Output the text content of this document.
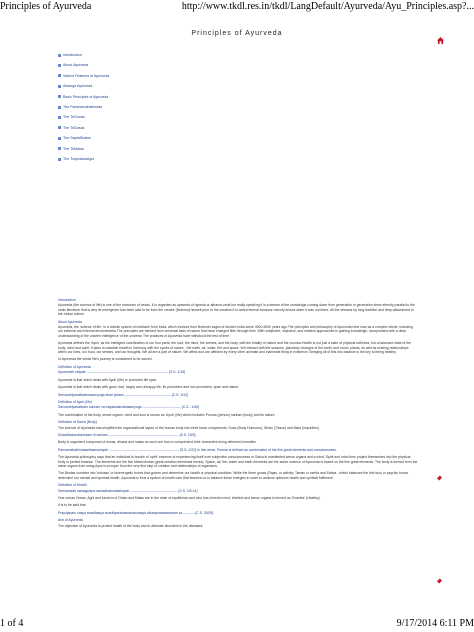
Principles of Ayurveda	http://www.tkdl.res.in/tkdl/LangDefault/Ayurveda/Ayu_Principles.asp?...
Principles of Ayurveda
Introduction
About Ayurveda
Salient Features of Ayurveda
Astanga Ayurveda
Basic Principles of Ayurveda
The Panchamahabhutas
The TriGunas
The TriDosas
The SaptaDhatus
The TriMalas
The TrayodasaAgni
Introduction
Ayurveda (the science of life) is one of the branches of vedas. It is regarded as upaveda of rigveda or atharva-veda but really speaking it is a stream of the knowledge coming down from generation to generation since eternity parallel to the vedic literature that is why its emergence has been said to be from the creator (Brahma) himself prior to the creation.It is called eternal because nobody knows when it was not there. All the streams by long tradition and deep attachment to the Indian culture.
About Ayurveda
Ayurveda, the 'science of life', is a holistic system of medicine from India, which evolved from Brahmin sages of Ancient India some 3000-5000 years ago.The principles and philosophy of Ayurveda view man as a complex whole, including our external and internal environments.The principles are derived from universal laws of nature that have changed little through time. With subjective, objective, and intuitive approaches to gaining knowledge, incorporated with a deep understanding of the unseen intelligence of the universe.The practices of Ayurveda have withstood the test of time.
Ayurveda defines the 'Ayuh' as the intelligent coordination of our four parts; the soul, the mind, the senses, and the body, with the totality of nature and the cosmos.Health is not just a state of physical wellness, but a balanced state of the body, mind and spirit. It aims to maintain health in harmony with the cycles of nature - the earth, air, water, fire and space. We interact with the seasons, planetary changes of the earth, and moon, plants, as well as existing relationships within our lives, our food, our senses, and our thoughts. We all are a part of nature. We affect and are affected by every other animate and inanimate thing in existence. Bringing all of this into balance is the key to being healthy.
In Ayurveda the whole life's journey is considered to be sacred.
Definition of Ayurveda
Ayurvedah vidyate ------------------------------------------------------------------------ [S.S.-1/15]
Ayurveda is that which deals with Ayuh (life) or promotes life span
Ayurveda is that which deals with good, bad, happy and unhappy life, its promoters and non-promoters, span and nature.
Sarvandriyasattvatmasamyoga dhari jivitam ----------------------------------------- [C.S. 1/42]
Definition of Ayuh (life)
Sarvandriyasattvam sariram va trayaksatmakasamyoga ---------------------------------- [C.S. -1/46]
The combination of the body, sense organs, mind and soul is known as 'Ayuh' (life) which includes Purusa (person) sariram (body) and its nature.
Definition of Sarira (Body)
The science of Ayurveda has simplified the organizational layout of the human body into three basic components, Dosa (Body Humours), Dhatu (Tissue) and Mala (Impurities).
Dosadhatumalamulam hi sariram -------------------------------------------------------------- [S.S. 15/3]
Body is organized composed of dosas, dhatus and malas as such one has to comprehend their characters being delivered hereafter.
Pancamahabhutasariisamavayah -------------------------------------------------------------- [S.S.-1/22] In this verse, Purusa is defined as combination of the five great elements and consciousness.
The Ayurveda philosophy says that an individual is bundle of 'spirit' essence of experiencing itself over subjective consciousness or Satva in manifested sense organs and a mind. Spirit and mind then project themselves into the physical body in perfect balance. The elements are the five Maha bhutas (great creation elemental forces). Space, air, fire, water and earth elements are the active science of Ayurveda is based on the five great elements. The body is formed from the same organs from using Ayus to prosper from the very first step of creation and relationships of organisms.
The Bhutas combine into 'tridosas' or bioenergetic forces that govern and determine our health or physical condition. While the three gunas (Rajas, or activity; Tamas or inertia and Sattva - which balances the first two) or psychic forces determine our mental and spiritual health. Ayurveda is thus a system of health care that teaches us to balance these energies in order to achieve optimum health and spiritual fulfilment.
Definition of Health
Samadosah samagnisca samadhatumalakriyah ------------------------------------------ [S.S. 1/5-41]
One whose Dosas, Agni and function of Dhatu and Malas are in the state of equilibrium and who has cheerful mind, intellect and sense organs is termed as 'Svastha' (Healthy).
It is to be said that
Prayojanam casya svasthasya svasthyaraksanamaturasya vikarapraasamanam ca ---------- [C.S. 30/26]
Aim of Ayurveda
The objective of Ayurveda to protect health of the body and to alleviate disorders in the diseased.
1 of 4	9/17/2014 6:11 PM
